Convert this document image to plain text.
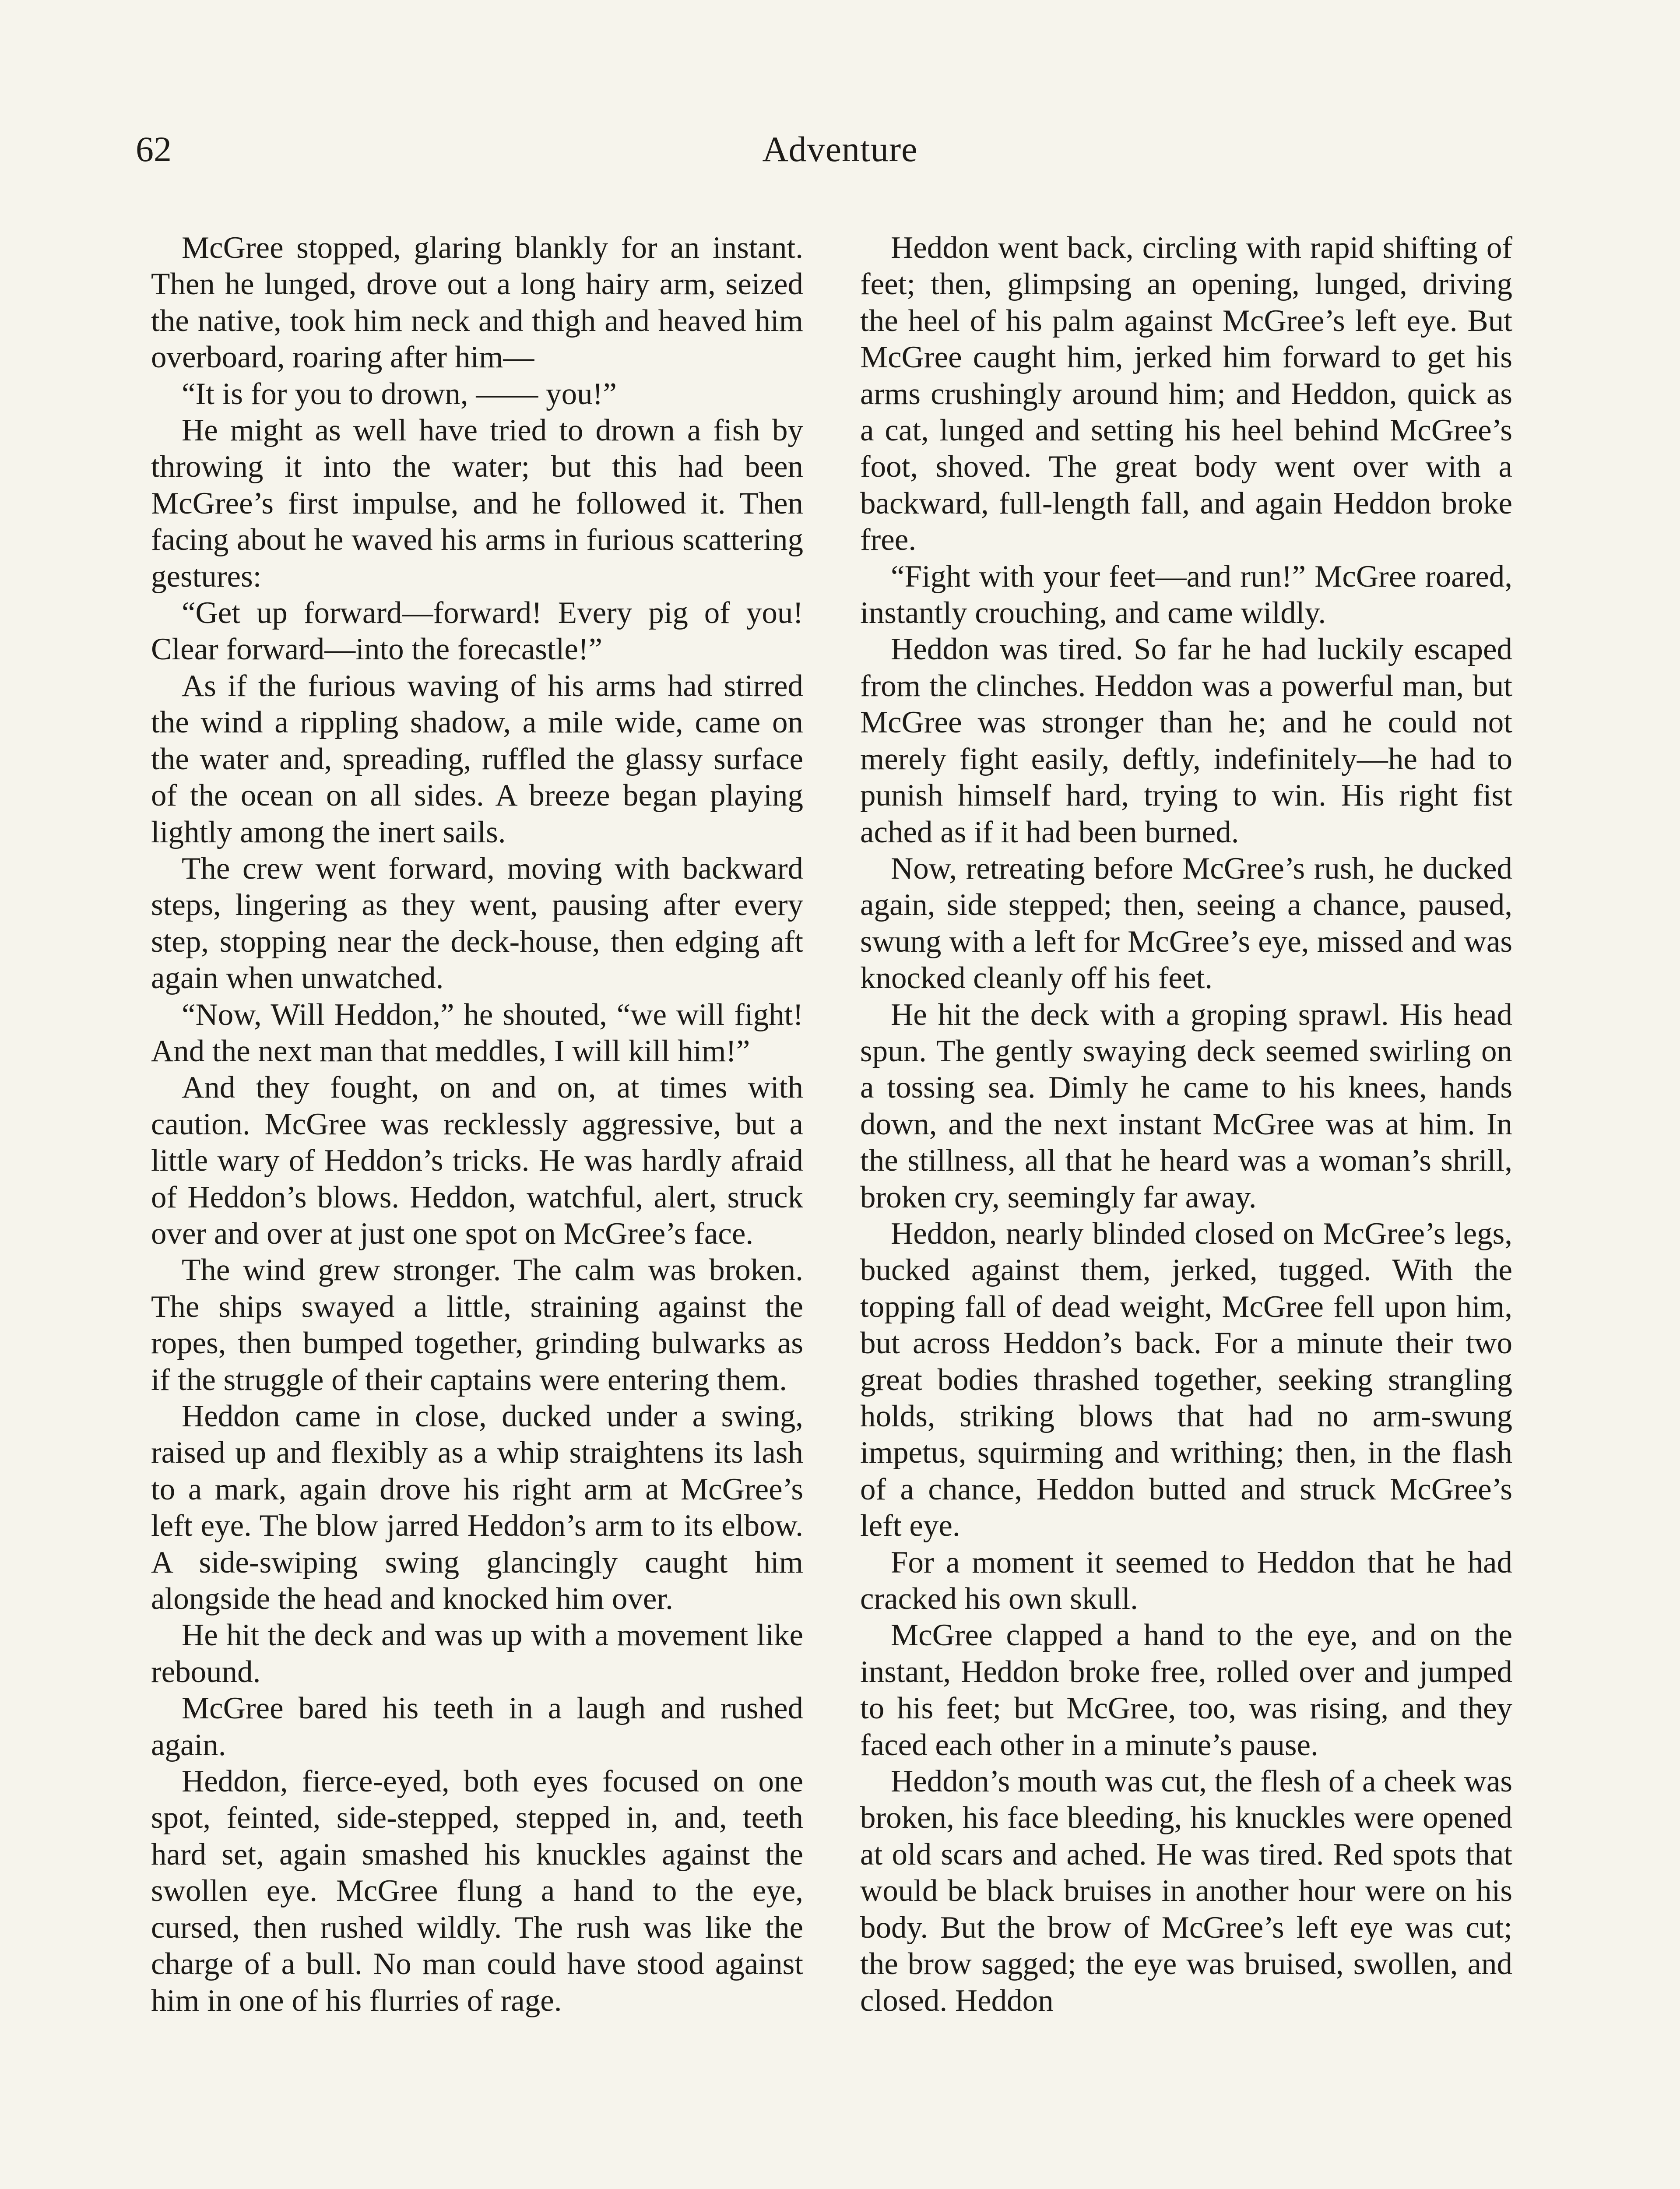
62	Adventure

McGree stopped, glaring blankly for an instant. Then he lunged, drove out a long hairy arm, seized the native, took him neck and thigh and heaved him overboard, roaring after him—

“It is for you to drown, —— you!”

He might as well have tried to drown a fish by throwing it into the water; but this had been McGree’s first impulse, and he followed it. Then facing about he waved his arms in furious scattering gestures:

“Get up forward—forward! Every pig of you! Clear forward—into the forecastle!”

As if the furious waving of his arms had stirred the wind a rippling shadow, a mile wide, came on the water and, spreading, ruffled the glassy surface of the ocean on all sides. A breeze began playing lightly among the inert sails.

The crew went forward, moving with backward steps, lingering as they went, pausing after every step, stopping near the deck-house, then edging aft again when unwatched.

“Now, Will Heddon,” he shouted, “we will fight! And the next man that meddles, I will kill him!”

And they fought, on and on, at times with caution. McGree was recklessly aggressive, but a little wary of Heddon’s tricks. He was hardly afraid of Heddon’s blows. Heddon, watchful, alert, struck over and over at just one spot on McGree’s face.

The wind grew stronger. The calm was broken. The ships swayed a little, straining against the ropes, then bumped together, grinding bulwarks as if the struggle of their captains were entering them.

Heddon came in close, ducked under a swing, raised up and flexibly as a whip straightens its lash to a mark, again drove his right arm at McGree’s left eye. The blow jarred Heddon’s arm to its elbow. A side-swiping swing glancingly caught him alongside the head and knocked him over.

He hit the deck and was up with a movement like rebound.

McGree bared his teeth in a laugh and rushed again.

Heddon, fierce-eyed, both eyes focused on one spot, feinted, side-stepped, stepped in, and, teeth hard set, again smashed his knuckles against the swollen eye. McGree flung a hand to the eye, cursed, then rushed wildly. The rush was like the charge of a bull. No man could have stood against him in one of his flurries of rage.

Heddon went back, circling with rapid shifting of feet; then, glimpsing an opening, lunged, driving the heel of his palm against McGree’s left eye. But McGree caught him, jerked him forward to get his arms crushingly around him; and Heddon, quick as a cat, lunged and setting his heel behind McGree’s foot, shoved. The great body went over with a backward, full-length fall, and again Heddon broke free.

“Fight with your feet—and run!” McGree roared, instantly crouching, and came wildly.

Heddon was tired. So far he had luckily escaped from the clinches. Heddon was a powerful man, but McGree was stronger than he; and he could not merely fight easily, deftly, indefinitely—he had to punish himself hard, trying to win. His right fist ached as if it had been burned.

Now, retreating before McGree’s rush, he ducked again, side stepped; then, seeing a chance, paused, swung with a left for McGree’s eye, missed and was knocked cleanly off his feet.

He hit the deck with a groping sprawl. His head spun. The gently swaying deck seemed swirling on a tossing sea. Dimly he came to his knees, hands down, and the next instant McGree was at him. In the stillness, all that he heard was a woman’s shrill, broken cry, seemingly far away.

Heddon, nearly blinded closed on McGree’s legs, bucked against them, jerked, tugged. With the topping fall of dead weight, McGree fell upon him, but across Heddon’s back. For a minute their two great bodies thrashed together, seeking strangling holds, striking blows that had no arm-swung impetus, squirming and writhing; then, in the flash of a chance, Heddon butted and struck McGree’s left eye.

For a moment it seemed to Heddon that he had cracked his own skull.

McGree clapped a hand to the eye, and on the instant, Heddon broke free, rolled over and jumped to his feet; but McGree, too, was rising, and they faced each other in a minute’s pause.

Heddon’s mouth was cut, the flesh of a cheek was broken, his face bleeding, his knuckles were opened at old scars and ached. He was tired. Red spots that would be black bruises in another hour were on his body. But the brow of McGree’s left eye was cut; the brow sagged; the eye was bruised, swollen, and closed. Heddon
